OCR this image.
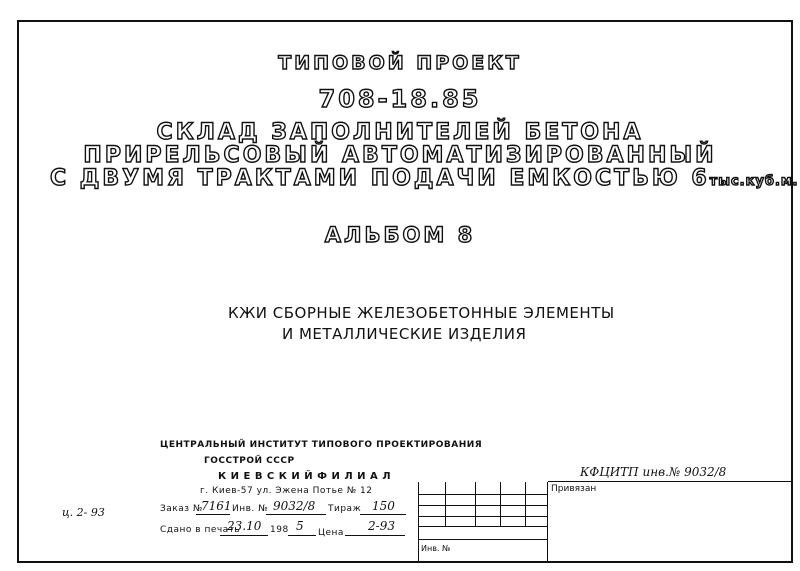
ТИПОВОЙ ПРОЕКТ
708-18.85
СКЛАД ЗАПОЛНИТЕЛЕЙ БЕТОНА
ПРИРЕЛЬСОВЫЙ АВТОМАТИЗИРОВАННЫЙ
С ДВУМЯ ТРАКТАМИ ПОДАЧИ ЕМКОСТЬЮ 6тыс.куб.м.
АЛЬБОМ 8
КЖИ СБОРНЫЕ ЖЕЛЕЗОБЕТОННЫЕ ЭЛЕМЕНТЫ
И МЕТАЛЛИЧЕСКИЕ ИЗДЕЛИЯ
ЦЕНТРАЛЬНЫЙ ИНСТИТУТ ТИПОВОГО ПРОЕКТИРОВАНИЯ
ГОССТРОЙ СССР
К И Е В С К И Й Ф И Л И А Л
г. Киев-57 ул. Эжена Потье № 12
Заказ №
7161 Инв. № 9032/8 Тираж 150
Сдано в печать
23.10 198 5 Цена 2-93
ц. 2- 93
КФЦИТП инв.№ 9032/8
Привязан
Инв. №
